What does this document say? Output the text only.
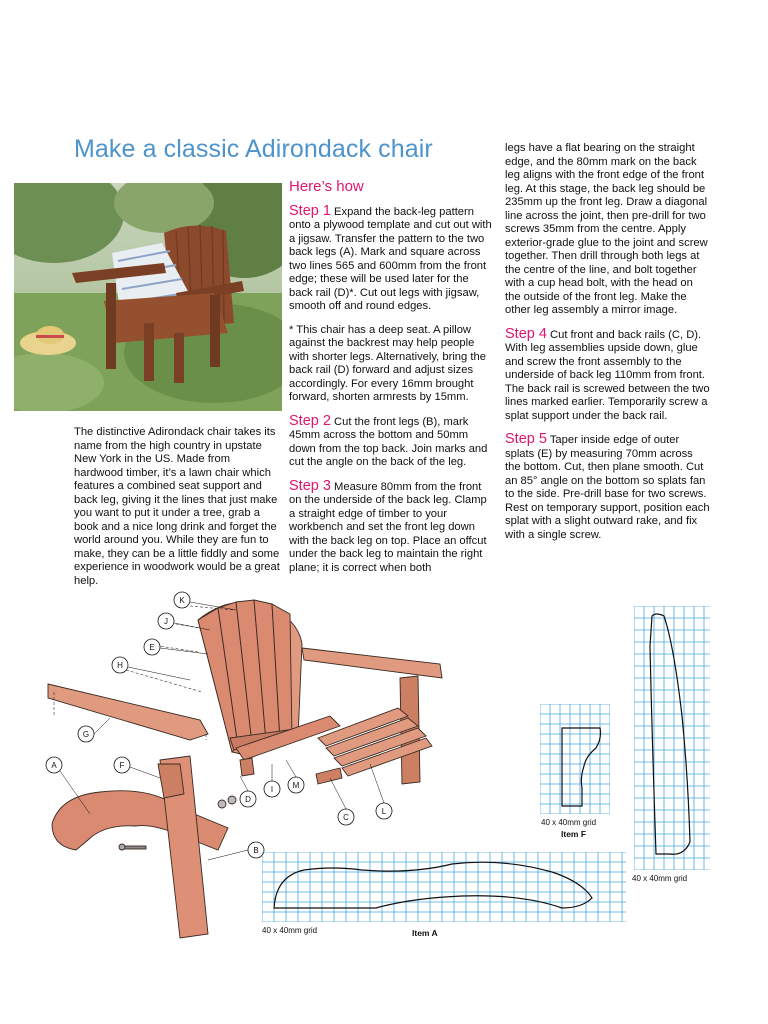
Make a classic Adirondack chair

The distinctive Adirondack chair takes its name from the high country in upstate New York in the US. Made from hardwood timber, it’s a lawn chair which features a combined seat support and back leg, giving it the lines that just make you want to put it under a tree, grab a book and a nice long drink and forget the world around you. While they are fun to make, they can be a little fiddly and some experience in woodwork would be a great help.

Here’s how

Step 1 Expand the back-leg pattern onto a plywood template and cut out with a jigsaw. Transfer the pattern to the two back legs (A). Mark and square across two lines 565 and 600mm from the front edge; these will be used later for the back rail (D)*. Cut out legs with jigsaw, smooth off and round edges.

* This chair has a deep seat. A pillow against the backrest may help people with shorter legs. Alternatively, bring the back rail (D) forward and adjust sizes accordingly. For every 16mm brought forward, shorten armrests by 15mm.

Step 2 Cut the front legs (B), mark 45mm across the bottom and 50mm down from the top back. Join marks and cut the angle on the back of the leg.

Step 3 Measure 80mm from the front on the underside of the back leg. Clamp a straight edge of timber to your workbench and set the front leg down with the back leg on top. Place an offcut under the back leg to maintain the right plane; it is correct when both

legs have a flat bearing on the straight edge, and the 80mm mark on the back leg aligns with the front edge of the front leg. At this stage, the back leg should be 235mm up the front leg. Draw a diagonal line across the joint, then pre-drill for two screws 35mm from the centre. Apply exterior-grade glue to the joint and screw together. Then drill through both legs at the centre of the line, and bolt together with a cup head bolt, with the head on the outside of the front leg. Make the other leg assembly a mirror image.

Step 4 Cut front and back rails (C, D). With leg assemblies upside down, glue and screw the front assembly to the underside of back leg 110mm from front. The back rail is screwed between the two lines marked earlier. Temporarily screw a splat support under the back rail.

Step 5 Taper inside edge of outer splats (E) by measuring 70mm across the bottom. Cut, then plane smooth. Cut an 85° angle on the bottom so splats fan to the side. Pre-drill base for two screws. Rest on temporary support, position each splat with a slight outward rake, and fix with a single screw.

K
J
E
H
G
A	F
D
I M
C
L
B
40 x 40mm grid
Item F
40 x 40mm grid
40 x 40mm grid	Item A
